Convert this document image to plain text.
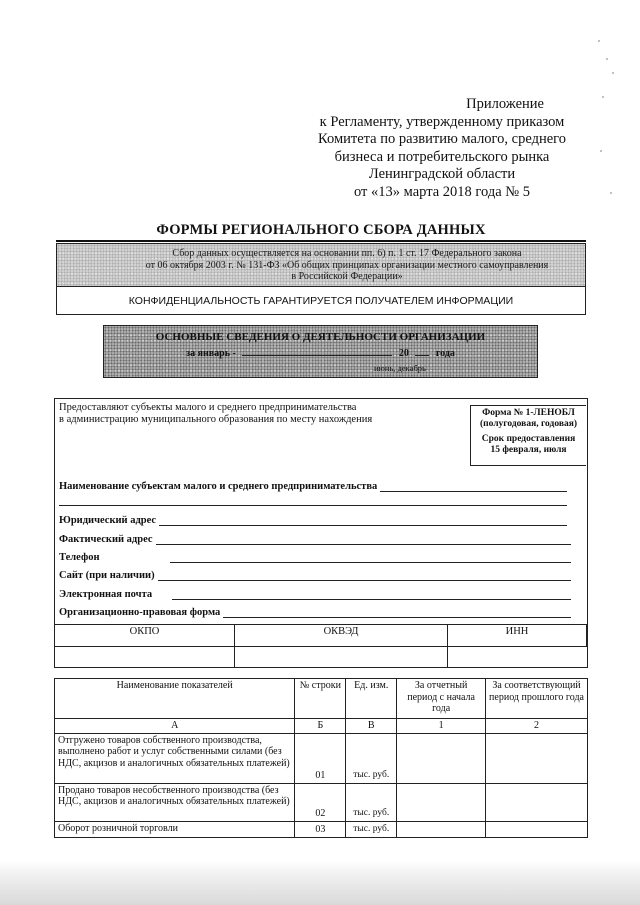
Приложение
к Регламенту, утвержденному приказом
Комитета по развитию малого, среднего
бизнеса и потребительского рынка
Ленинградской области
от «13» марта 2018 года № 5
ФОРМЫ РЕГИОНАЛЬНОГО СБОРА ДАННЫХ
Сбор данных осуществляется на основании пп. 6) п. 1 ст. 17 Федерального закона
от 06 октября 2003 г. № 131-ФЗ «Об общих принципах организации местного самоуправления
в Российской Федерации»
КОНФИДЕНЦИАЛЬНОСТЬ ГАРАНТИРУЕТСЯ ПОЛУЧАТЕЛЕМ ИНФОРМАЦИИ
ОСНОВНЫЕ СВЕДЕНИЯ О ДЕЯТЕЛЬНОСТИ ОРГАНИЗАЦИИ
за январь -	20	года
июнь, декабрь
Предоставляют субъекты малого и среднего предпринимательства
в администрацию муниципального образования по месту нахождения
Форма № 1-ЛЕНОБЛ
(полугодовая, годовая)
Срок предоставления
15 февраля, июля
Наименование субъектам малого и среднего предпринимательства
Юридический адрес
Фактический адрес
Телефон
Сайт (при наличии)
Электронная почта
Организационно-правовая форма
ОКПО	ОКВЭД	ИНН
Наименование показателей	№ строки	Ед. изм.	За отчетный период с начала года	За соответствующий период прошлого года
А	Б	В	1	2
Отгружено товаров собственного производства, выполнено работ и услуг собственными силами (без НДС, акцизов и аналогичных обязательных платежей)	01	тыс. руб.		
Продано товаров несобственного производства (без НДС, акцизов и аналогичных обязательных платежей)	02	тыс. руб.		
Оборот розничной торговли	03	тыс. руб.		
